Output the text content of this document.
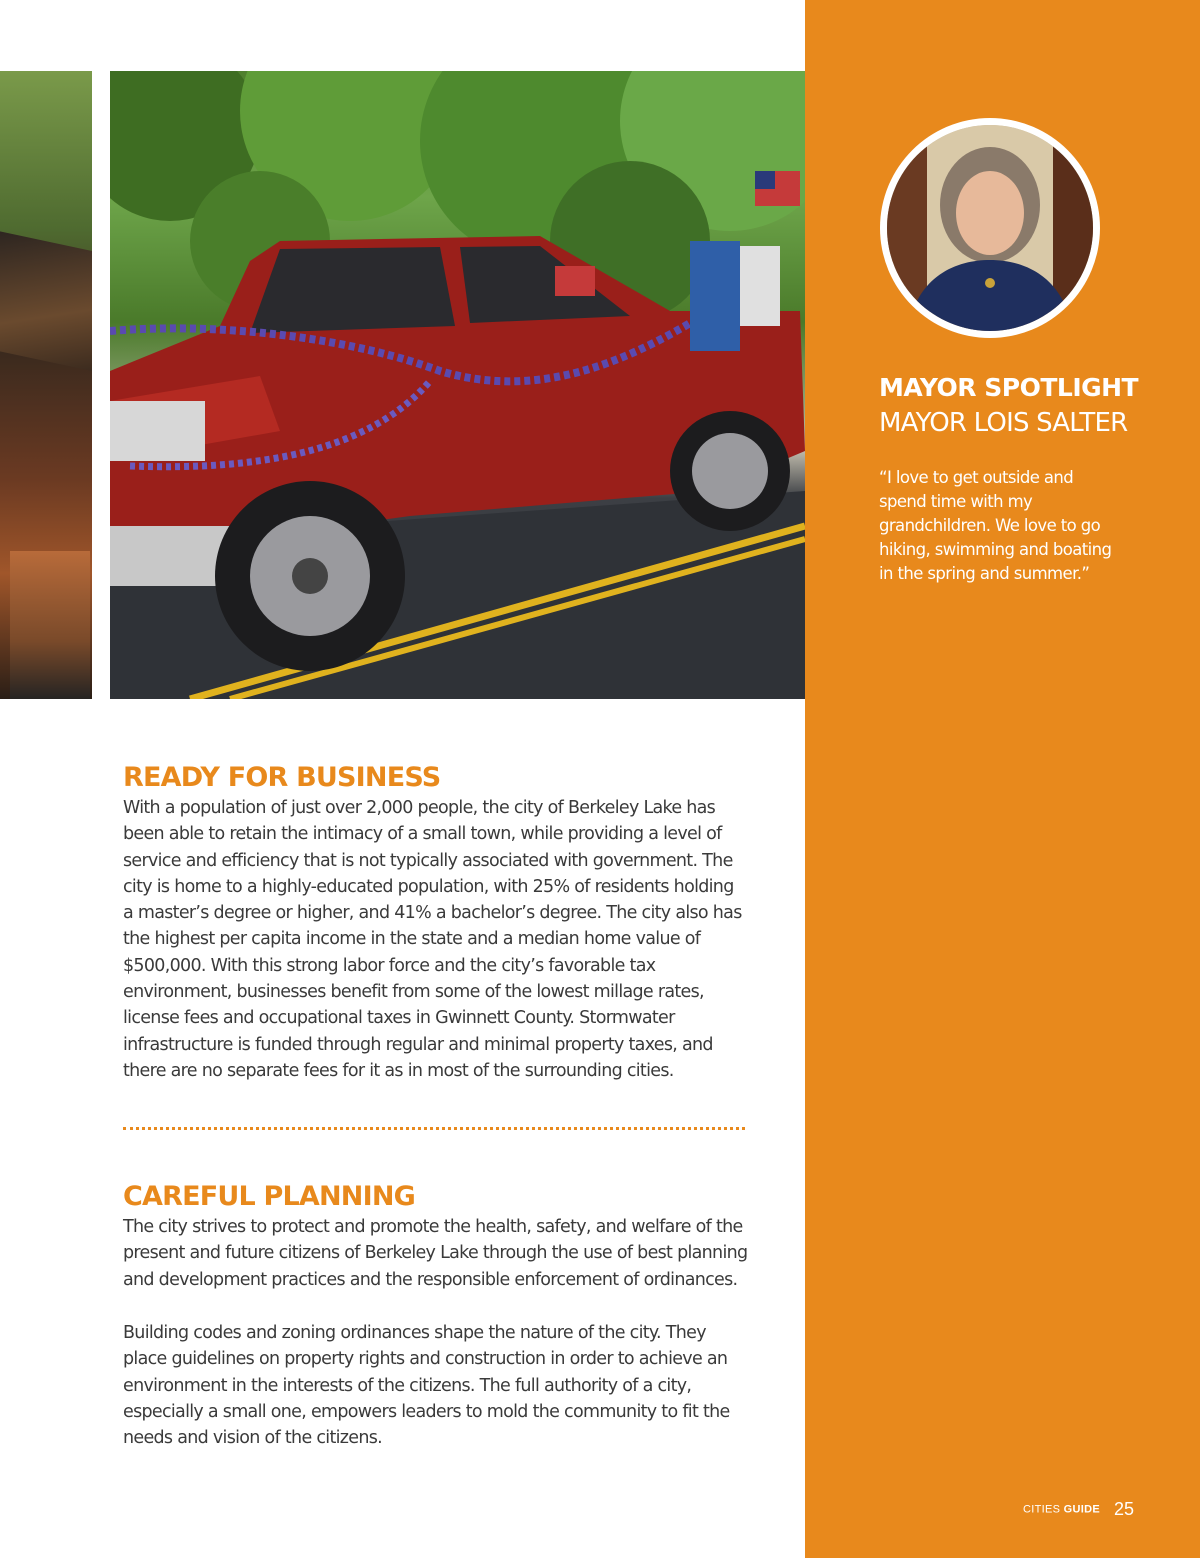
MAYOR SPOTLIGHT
MAYOR LOIS SALTER
“I love to get outside and spend time with my grandchildren. We love to go hiking, swimming and boating in the spring and summer.”
READY FOR BUSINESS
With a population of just over 2,000 people, the city of Berkeley Lake has been able to retain the intimacy of a small town, while providing a level of service and efficiency that is not typically associated with government. The city is home to a highly-educated population, with 25% of residents holding a master’s degree or higher, and 41% a bachelor’s degree. The city also has the highest per capita income in the state and a median home value of $500,000. With this strong labor force and the city’s favorable tax environment, businesses benefit from some of the lowest millage rates, license fees and occupational taxes in Gwinnett County. Stormwater infrastructure is funded through regular and minimal property taxes, and there are no separate fees for it as in most of the surrounding cities.
CAREFUL PLANNING
The city strives to protect and promote the health, safety, and welfare of the present and future citizens of Berkeley Lake through the use of best planning and development practices and the responsible enforcement of ordinances.
Building codes and zoning ordinances shape the nature of the city. They place guidelines on property rights and construction in order to achieve an environment in the interests of the citizens. The full authority of a city, especially a small one, empowers leaders to mold the community to fit the needs and vision of the citizens.
CITIES GUIDE 25
